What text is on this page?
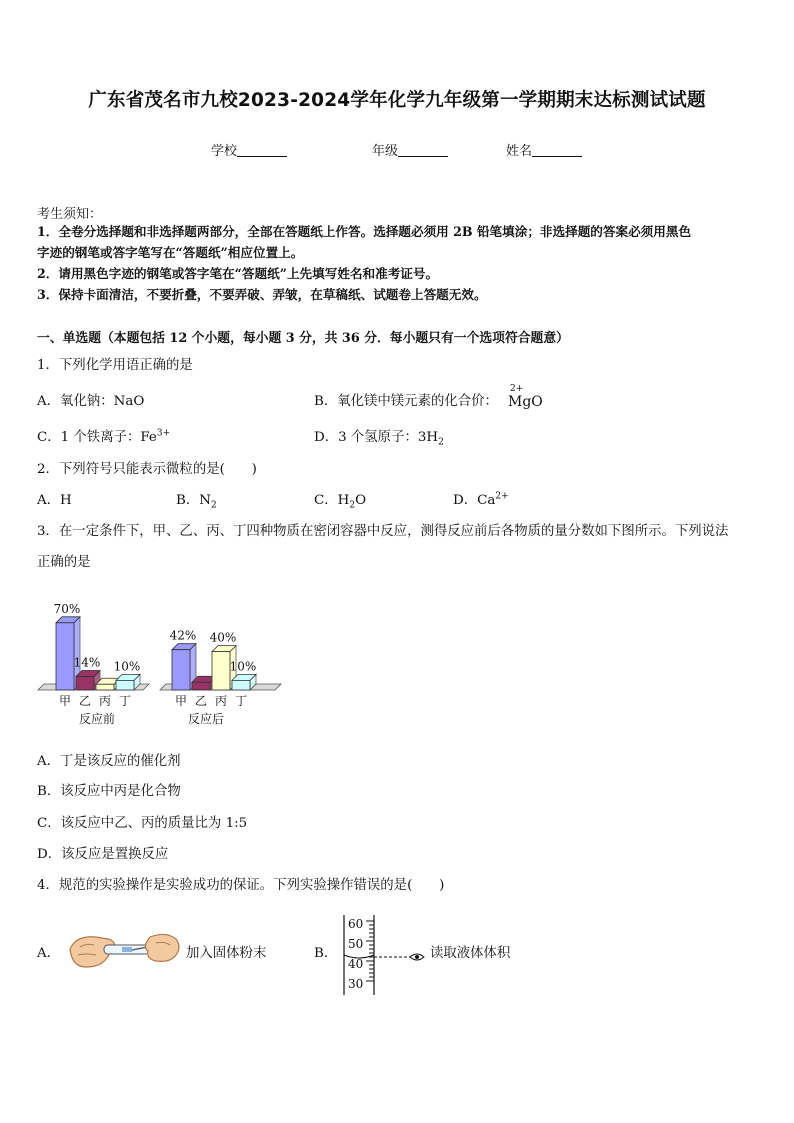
广东省茂名市九校2023-2024学年化学九年级第一学期期末达标测试试题
学校	年级	姓名
考生须知：
1．全卷分选择题和非选择题两部分，全部在答题纸上作答。选择题必须用 2B 铅笔填涂；非选择题的答案必须用黑色
字迹的钢笔或答字笔写在“答题纸”相应位置上。
2．请用黑色字迹的钢笔或答字笔在“答题纸”上先填写姓名和准考证号。
3．保持卡面清洁，不要折叠，不要弄破、弄皱，在草稿纸、试题卷上答题无效。
一、单选题（本题包括 12 个小题，每小题 3 分，共 36 分．每小题只有一个选项符合题意）
1．下列化学用语正确的是
A．氧化钠：NaO	B．氧化镁中镁元素的化合价：
2+
MgO
C．1 个铁离子：$Fe^{3+}$	D．3 个氢原子：$3H_2$
2．下列符号只能表示微粒的是(　　)
A．H	B．$N_2$	C．$H_2O$	D．$Ca^{2+}$
3．在一定条件下，甲、乙、丙、丁四种物质在密闭容器中反应，测得反应前后各物质的量分数如下图所示。下列说法
正确的是
70%
甲
14%
乙 丙
10%
丁
反应前
42%
甲 乙
40%
丙
10%
丁
反应后
A．丁是该反应的催化剂
B．该反应中丙是化合物
C．该反应中乙、丙的质量比为 1:5
D．该反应是置换反应
4．规范的实验操作是实验成功的保证。下列实验操作错误的是(　　)
A．	加入固体粉末	B．
60
50
40
30
读取液体体积
